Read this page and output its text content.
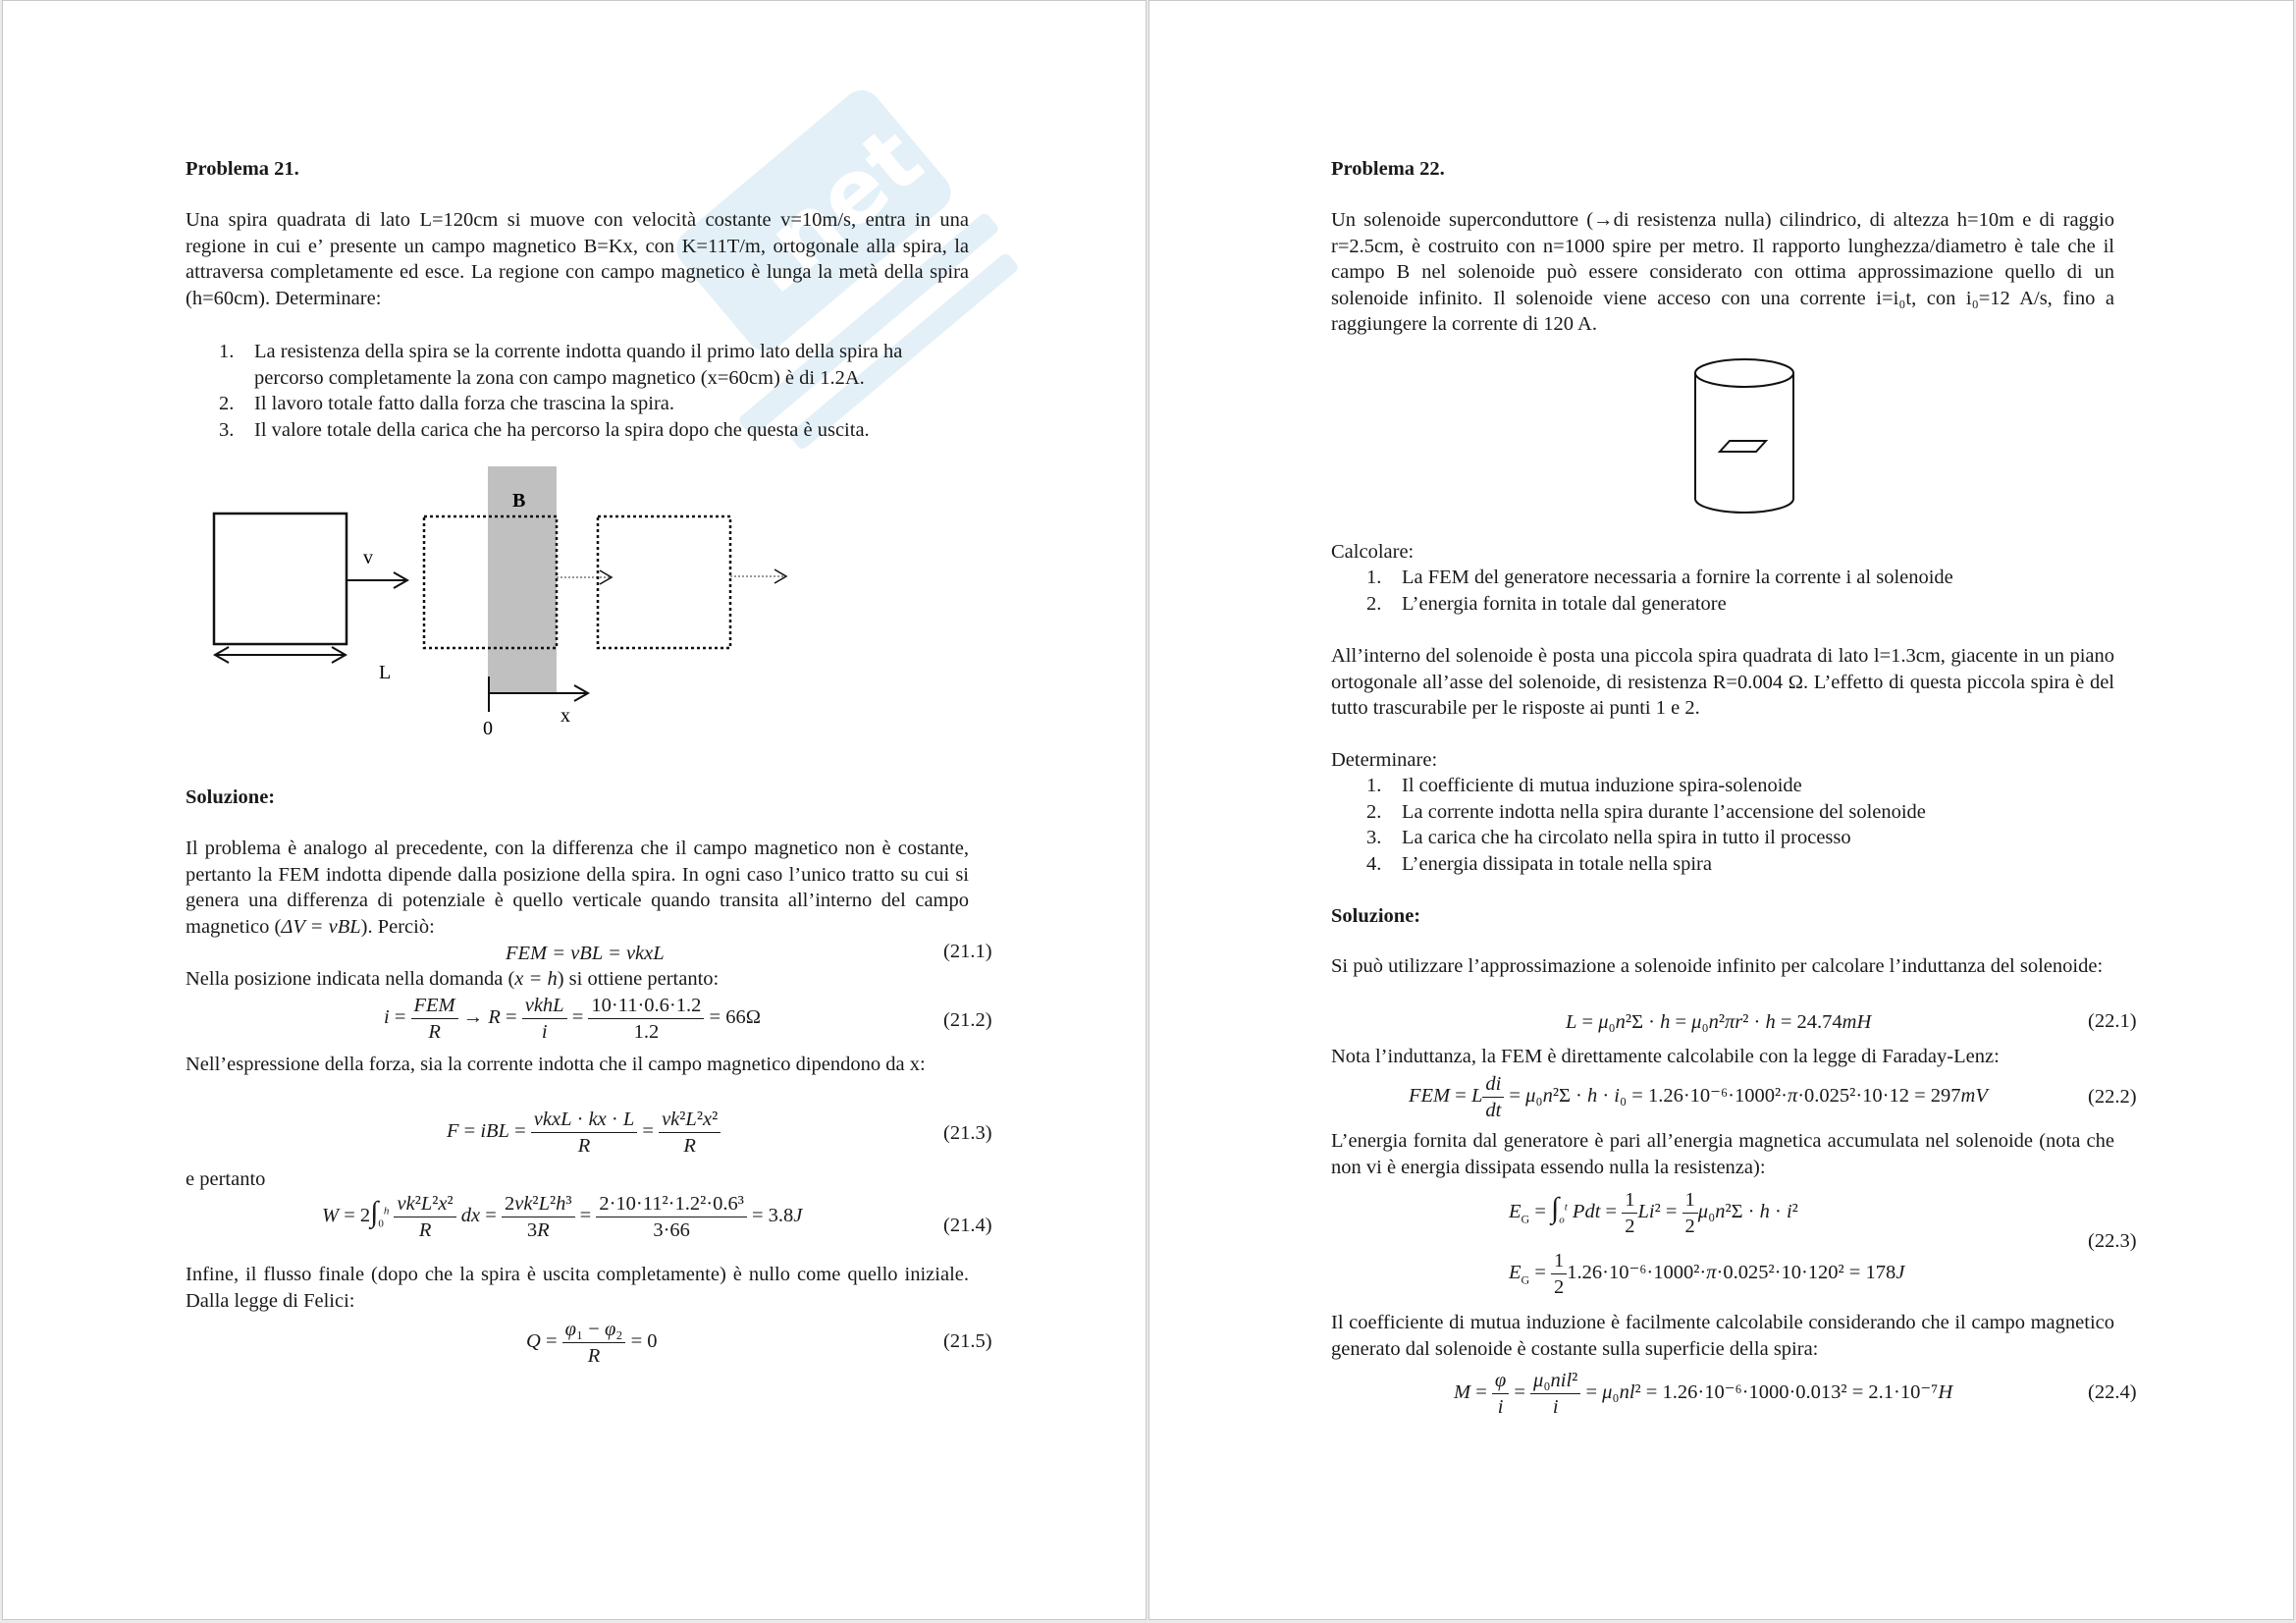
.net
Problema 21.
Una spira quadrata di lato L=120cm si muove con velocità costante v=10m/s, entra in una regione in cui e’ presente un campo magnetico B=Kx, con K=11T/m, ortogonale alla spira, la attraversa completamente ed esce. La regione con campo magnetico è lunga la metà della spira (h=60cm). Determinare:
1. La resistenza della spira se la corrente indotta quando il primo lato della spira ha percorso completamente la zona con campo magnetico (x=60cm) è di 1.2A.
2. Il lavoro totale fatto dalla forza che trascina la spira.
3. Il valore totale della carica che ha percorso la spira dopo che questa è uscita.
B
v
L
0
x
Soluzione:
Il problema è analogo al precedente, con la differenza che il campo magnetico non è costante, pertanto la FEM indotta dipende dalla posizione della spira. In ogni caso l’unico tratto su cui si genera una differenza di potenziale è quello verticale quando transita all’interno del campo magnetico (ΔV = vBL). Perciò:
FEM = vBL = vkxL	(21.1)
Nella posizione indicata nella domanda (x = h) si ottiene pertanto:
$i = \frac{\text{FEM}}{R} \to R = \frac{\text{vkhL}}{i} = \frac{10\cdot 11\cdot 0.6\cdot 1.2}{1.2} = 66\Omega$	(21.2)
Nell’espressione della forza, sia la corrente indotta che il campo magnetico dipendono da x:
F = iBL = $\frac{\text{vkxL · kx · L}}{R} = \frac{\text{vk²L²x²}}{R}$	(21.3)
e pertanto
$W = 2\int_0^h \frac{\text{vk²L²x²}}{R}$ dx = $\frac{\text{2vk²L²h³}}{3R} = \frac{\text{2·10·11²·1.2²·0.6³}}{3\cdot 66} = 3.8J$	(21.4)
Infine, il flusso finale (dopo che la spira è uscita completamente) è nullo come quello iniziale. Dalla legge di Felici:
$Q = \frac{\text{φ₁ − φ₂}}{R} = 0$	(21.5)
Problema 22.
Un solenoide superconduttore (→di resistenza nulla) cilindrico, di altezza h=10m e di raggio r=2.5cm, è costruito con n=1000 spire per metro. Il rapporto lunghezza/diametro è tale che il campo B nel solenoide può essere considerato con ottima approssimazione quello di un solenoide infinito. Il solenoide viene acceso con una corrente i=i₀t, con i₀=12 A/s, fino a raggiungere la corrente di 120 A.
Calcolare:
1. La FEM del generatore necessaria a fornire la corrente i al solenoide
2. L’energia fornita in totale dal generatore
All’interno del solenoide è posta una piccola spira quadrata di lato l=1.3cm, giacente in un piano ortogonale all’asse del solenoide, di resistenza R=0.004 Ω. L’effetto di questa piccola spira è del tutto trascurabile per le risposte ai punti 1 e 2.
Determinare:
1. Il coefficiente di mutua induzione spira-solenoide
2. La corrente indotta nella spira durante l’accensione del solenoide
3. La carica che ha circolato nella spira in tutto il processo
4. L’energia dissipata in totale nella spira
Soluzione:
Si può utilizzare l’approssimazione a solenoide infinito per calcolare l’induttanza del solenoide:
L = μ₀n²Σ · h = μ₀n²πr² · h = 24.74mH	(22.1)
Nota l’induttanza, la FEM è direttamente calcolabile con la legge di Faraday-Lenz:
FEM = L $\frac{di}{dt} = \mu_0n^2\Sigma \cdot h \cdot i_0 = 1.26\cdot 10^{-6}\cdot 1000^2\cdot\pi\cdot 0.025^2\cdot 10\cdot 12 = 297mV$	(22.2)
L’energia fornita dal generatore è pari all’energia magnetica accumulata nel solenoide (nota che non vi è energia dissipata essendo nulla la resistenza):
$E_G = \int_o^t$ Pdt = $\frac{1}{2} Li^2 = \frac{1}{2} \mu_0n^2\Sigma \cdot h \cdot i^2$
$E_G = \frac{1}{2} 1.26\cdot 10^{-6}\cdot 1000^2\cdot\pi\cdot 0.025^2\cdot 10\cdot 120^2 = 178J$
(22.3)
Il coefficiente di mutua induzione è facilmente calcolabile considerando che il campo magnetico generato dal solenoide è costante sulla superficie della spira:
$M = \frac{\varphi}{i} = \frac{\text{μ₀nil²}}{i} = \mu_0nl^2 = 1.26\cdot 10^{-6}\cdot 1000\cdot 0.013^2 = 2.1\cdot 10^{-7}H$	(22.4)
